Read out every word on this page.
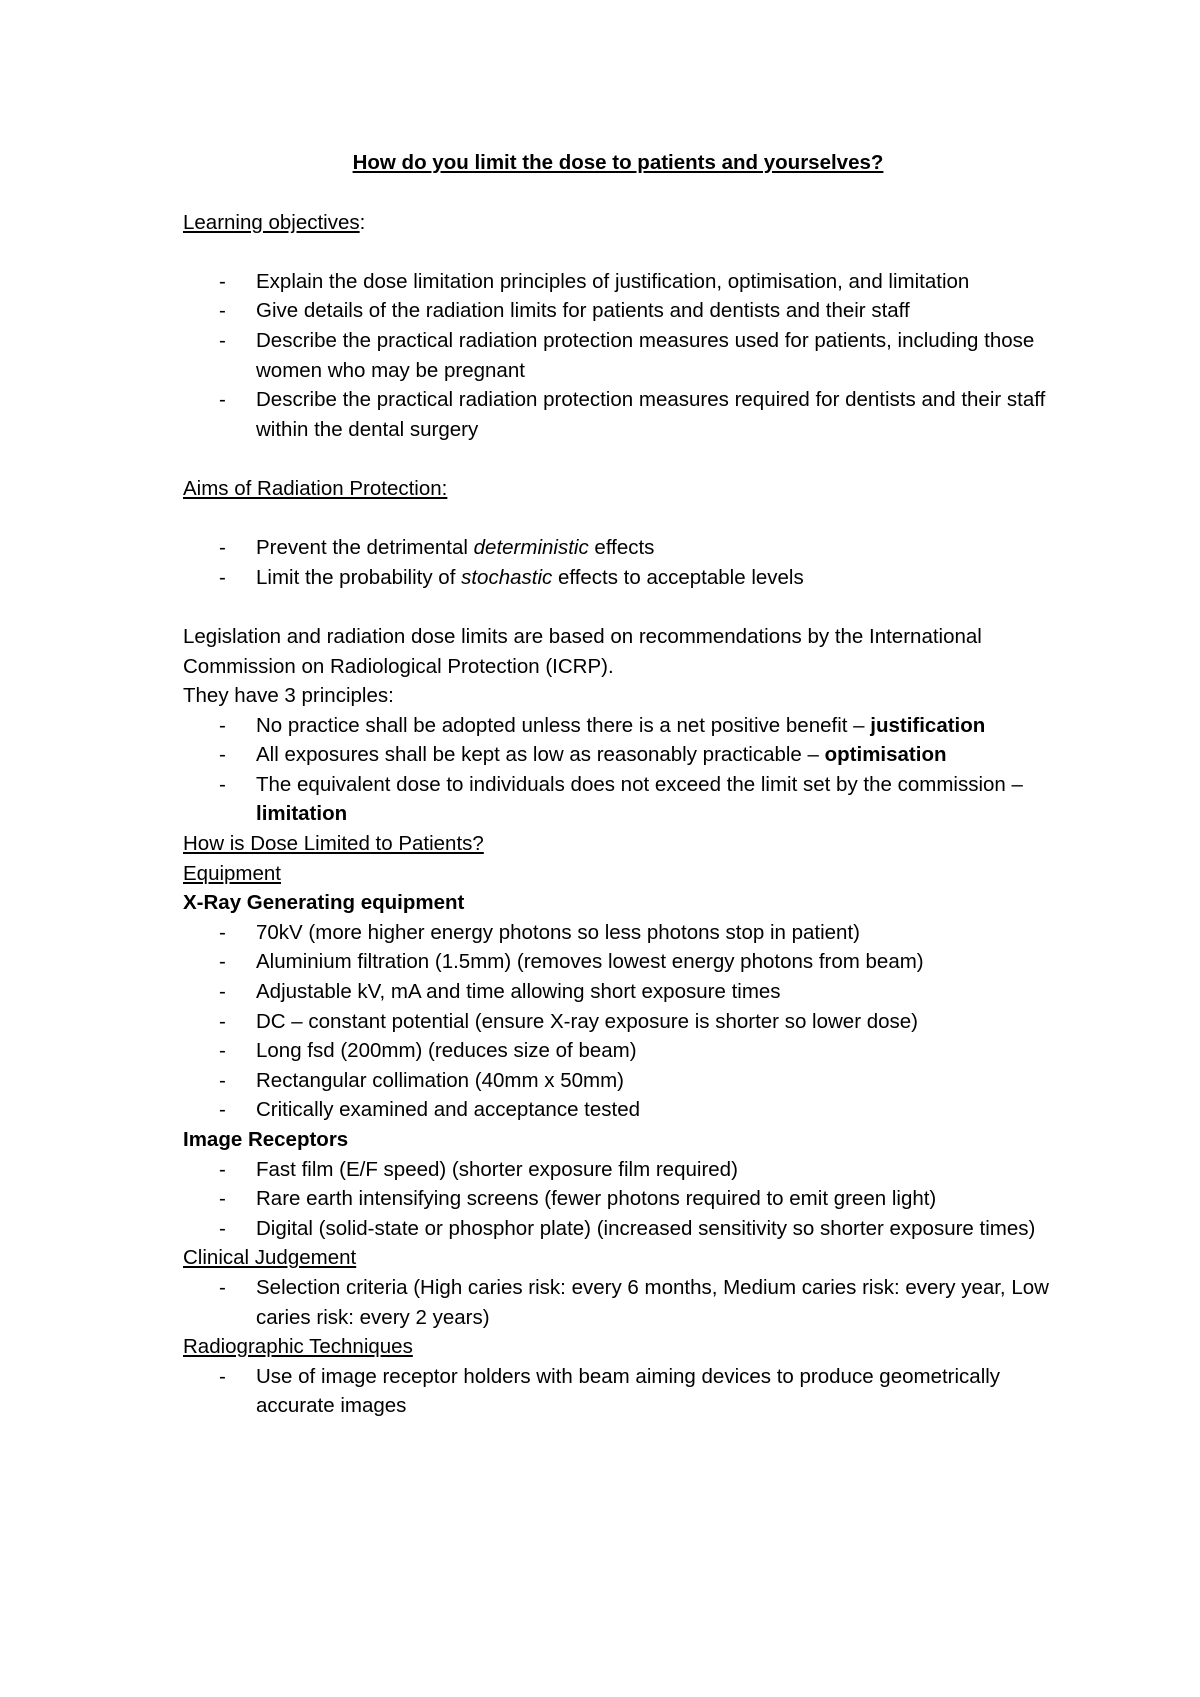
How do you limit the dose to patients and yourselves?

Learning objectives:

- Explain the dose limitation principles of justification, optimisation, and limitation
- Give details of the radiation limits for patients and dentists and their staff
- Describe the practical radiation protection measures used for patients, including those women who may be pregnant
- Describe the practical radiation protection measures required for dentists and their staff within the dental surgery

Aims of Radiation Protection:

- Prevent the detrimental deterministic effects
- Limit the probability of stochastic effects to acceptable levels

Legislation and radiation dose limits are based on recommendations by the International Commission on Radiological Protection (ICRP).

They have 3 principles:

- No practice shall be adopted unless there is a net positive benefit – justification
- All exposures shall be kept as low as reasonably practicable – optimisation
- The equivalent dose to individuals does not exceed the limit set by the commission – limitation

How is Dose Limited to Patients?

Equipment

X-Ray Generating equipment

- 70kV (more higher energy photons so less photons stop in patient)
- Aluminium filtration (1.5mm) (removes lowest energy photons from beam)
- Adjustable kV, mA and time allowing short exposure times
- DC – constant potential (ensure X-ray exposure is shorter so lower dose)
- Long fsd (200mm) (reduces size of beam)
- Rectangular collimation (40mm x 50mm)
- Critically examined and acceptance tested

Image Receptors

- Fast film (E/F speed) (shorter exposure film required)
- Rare earth intensifying screens (fewer photons required to emit green light)
- Digital (solid-state or phosphor plate) (increased sensitivity so shorter exposure times)

Clinical Judgement

- Selection criteria (High caries risk: every 6 months, Medium caries risk: every year, Low caries risk: every 2 years)

Radiographic Techniques

- Use of image receptor holders with beam aiming devices to produce geometrically accurate images
